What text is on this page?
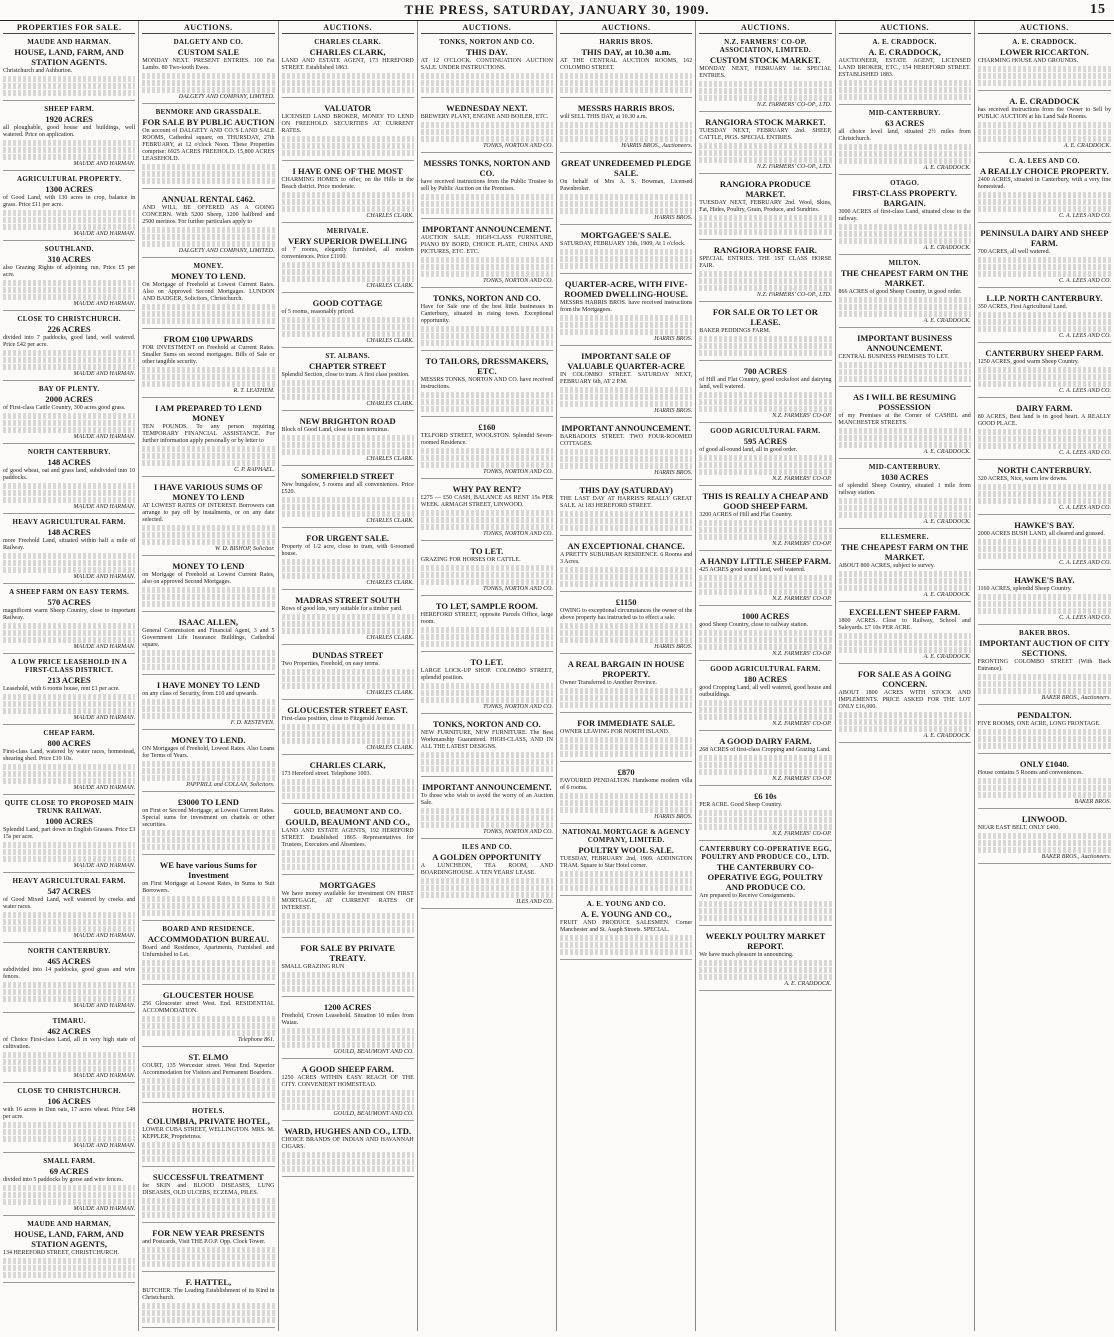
THE PRESS, SATURDAY, JANUARY 30, 1909.	15
PROPERTIES FOR SALE.
MAUDE AND HARMAN.
HOUSE, LAND, FARM, AND STATION AGENTS.
Christchurch and Ashburton.
SHEEP FARM.
1920 ACRES
all ploughable, good house and buildings, well watered. Price on application.
MAUDE AND HARMAN.
AGRICULTURAL PROPERTY.
1300 ACRES
of Good Land, with 130 acres in crop, balance in grass. Price £11 per acre.
MAUDE AND HARMAN.
SOUTHLAND.
310 ACRES
also Grazing Rights of adjoining run. Price £5 per acre.
MAUDE AND HARMAN.
CLOSE TO CHRISTCHURCH.
226 ACRES
divided into 7 paddocks, good land, well watered. Price £42 per acre.
MAUDE AND HARMAN.
BAY OF PLENTY.
2000 ACRES
of First-class Cattle Country, 300 acres good grass.
MAUDE AND HARMAN.
NORTH CANTERBURY.
148 ACRES
of good wheat, oat and grass land, subdivided into 10 paddocks.
MAUDE AND HARMAN.
HEAVY AGRICULTURAL FARM.
148 ACRES
more Freehold Land, situated within half a mile of Railway.
MAUDE AND HARMAN.
A SHEEP FARM ON EASY TERMS.
570 ACRES
magnificent warm Sheep Country, close to important Railway.
MAUDE AND HARMAN.
A LOW PRICE LEASEHOLD IN A FIRST-CLASS DISTRICT.
213 ACRES
Leasehold, with 6 rooms house, rent £1 per acre.
MAUDE AND HARMAN.
CHEAP FARM.
800 ACRES
First-class Land, watered by water races, homestead, shearing shed. Price £10 10s.
MAUDE AND HARMAN.
QUITE CLOSE TO PROPOSED MAIN TRUNK RAILWAY.
1000 ACRES
Splendid Land, part down in English Grasses. Price £3 15s per acre.
MAUDE AND HARMAN.
HEAVY AGRICULTURAL FARM.
547 ACRES
of Good Mixed Land, well watered by creeks and water races.
MAUDE AND HARMAN.
NORTH CANTERBURY.
465 ACRES
subdivided into 14 paddocks, good grass and wire fences.
MAUDE AND HARMAN.
TIMARU.
462 ACRES
of Choice First-class Land, all in very high state of cultivation.
MAUDE AND HARMAN.
CLOSE TO CHRISTCHURCH.
106 ACRES
with 16 acres in Dun oats, 17 acres wheat. Price £48 per acre.
MAUDE AND HARMAN.
SMALL FARM.
69 ACRES
divided into 5 paddocks by gorse and wire fences.
MAUDE AND HARMAN.
MAUDE AND HARMAN,
HOUSE, LAND, FARM, AND STATION AGENTS,
134 HEREFORD STREET, CHRISTCHURCH.
AUCTIONS.
DALGETY AND CO.
CUSTOM SALE
MONDAY NEXT. PRESENT ENTRIES. 100 Fat Lambs. 80 Two-tooth Ewes.
DALGETY AND COMPANY, LIMITED.
BENMORE AND GRASSDALE.
FOR SALE BY PUBLIC AUCTION
On account of DALGETY AND CO.'S LAND SALE ROOMS, Cathedral square, on THURSDAY, 27th FEBRUARY, at 12 o'clock Noon. These Properties comprise: 6925 ACRES FREEHOLD. 15,800 ACRES LEASEHOLD.
ANNUAL RENTAL £462.
AND WILL BE OFFERED AS A GOING CONCERN. With 5200 Sheep, 1200 halfbred and 2500 merinos. For further particulars apply to
DALGETY AND COMPANY, LIMITED.
MONEY.
MONEY TO LEND.
On Mortgage of Freehold at Lowest Current Rates. Also on Approved Second Mortgages. LUNDON AND BADGER, Solicitors, Christchurch.
FROM £100 UPWARDS
FOR INVESTMENT on Freehold at Current Rates. Smaller Sums on second mortgages. Bills of Sale or other tangible security.
R. T. LEATHEM.
I AM PREPARED TO LEND MONEY
TEN POUNDS. To any person requiring TEMPORARY FINANCIAL ASSISTANCE. For further information apply personally or by letter to
C. P. RAPHAEL.
I HAVE VARIOUS SUMS OF MONEY TO LEND
AT LOWEST RATES OF INTEREST. Borrowers can arrange to pay off by instalments, or on any date selected.
W. D. BISHOP, Solicitor.
MONEY TO LEND
on Mortgage of Freehold at Lowest Current Rates, also on approved Second Mortgages.
ISAAC ALLEN,
General Commission and Financial Agent, 3 and 5 Government Life Insurance Buildings, Cathedral square.
I HAVE MONEY TO LEND
on any class of Security, from £10 and upwards.
F. D. KESTEVEN.
MONEY TO LEND.
ON Mortgages of Freehold, Lowest Rates. Also Loans for Terms of Years.
PAPPRILL and COLLAN, Solicitors.
£3000 TO LEND
on First or Second Mortgage, at Lowest Current Rates. Special sums for investment on chattels or other securities.
WE have various Sums for Investment
on First Mortgage at Lowest Rates, in Sums to Suit Borrowers.
BOARD AND RESIDENCE.
ACCOMMODATION BUREAU.
Board and Residence, Apartments, Furnished and Unfurnished to Let.
GLOUCESTER HOUSE
256 Gloucester street West. End. RESIDENTIAL ACCOMMODATION.
Telephone 861.
ST. ELMO
COURT, 135 Worcester street. West End. Superior Accommodation for Visitors and Permanent Boarders.
HOTELS.
COLUMBIA, PRIVATE HOTEL,
LOWER CUBA STREET, WELLINGTON. MRS. M. KEPPLER, Proprietress.
SUCCESSFUL TREATMENT
for SKIN and BLOOD DISEASES, LUNG DISEASES, OLD ULCERS, ECZEMA, PILES.
FOR NEW YEAR PRESENTS
and Postcards, Visit THE P.O.P. Opp. Clock Tower.
F. HATTEL,
BUTCHER. The Leading Establishment of its Kind in Christchurch.
AUCTIONS.
CHARLES CLARK.
CHARLES CLARK,
LAND AND ESTATE AGENT, 173 HEREFORD STREET. Established 1863.
VALUATOR
LICENSED LAND BROKER, MONEY TO LEND ON FREEHOLD. SECURITIES AT CURRENT RATES.
I HAVE ONE OF THE MOST
CHARMING HOMES to offer, on the Hills in the Beach district. Price moderate.
CHARLES CLARK.
MERIVALE.
VERY SUPERIOR DWELLING
of 7 rooms, elegantly furnished, all modern conveniences. Price £1100.
CHARLES CLARK.
GOOD COTTAGE
of 5 rooms, reasonably priced.
CHARLES CLARK.
ST. ALBANS.
CHAPTER STREET
Splendid Section, close to tram. A first class position.
CHARLES CLARK.
NEW BRIGHTON ROAD
Block of Good Land, close to tram terminus.
CHARLES CLARK.
SOMERFIELD STREET
New bungalow, 5 rooms and all conveniences. Price £520.
CHARLES CLARK.
FOR URGENT SALE.
Property of 1/2 acre, close to tram, with 6-roomed house.
CHARLES CLARK.
MADRAS STREET SOUTH
Rows of good lots, very suitable for a timber yard.
CHARLES CLARK.
DUNDAS STREET
Two Properties, Freehold, on easy terms.
CHARLES CLARK.
GLOUCESTER STREET EAST.
First-class position, close to Fitzgerald Avenue.
CHARLES CLARK.
CHARLES CLARK,
173 Hereford street. Telephone 1003.
GOULD, BEAUMONT AND CO.
GOULD, BEAUMONT AND CO.,
LAND AND ESTATE AGENTS, 192 HEREFORD STREET. Established 1865. Representatives for Trustees, Executors and Absentees.
MORTGAGES
We have money available for investment ON FIRST MORTGAGE, AT CURRENT RATES OF INTEREST.
FOR SALE BY PRIVATE TREATY.
SMALL GRAZING RUN
1200 ACRES
Freehold, Crown Leasehold. Situation 10 miles from Waiau.
GOULD, BEAUMONT AND CO.
A GOOD SHEEP FARM.
1250 ACRES WITHIN EASY REACH OF THE CITY. CONVENIENT HOMESTEAD.
GOULD, BEAUMONT AND CO.
WARD, HUGHES AND CO., LTD.
CHOICE BRANDS OF INDIAN AND HAVANNAH CIGARS.
AUCTIONS.
TONKS, NORTON AND CO.
THIS DAY.
AT 12 O'CLOCK. CONTINUATION AUCTION SALE. UNDER INSTRUCTIONS.
WEDNESDAY NEXT.
BREWERY PLANT, ENGINE AND BOILER, ETC.
TONKS, NORTON AND CO.
MESSRS TONKS, NORTON AND CO.
have received instructions from the Public Trustee to sell by Public Auction on the Premises.
IMPORTANT ANNOUNCEMENT.
AUCTION SALE. HIGH-CLASS FURNITURE, PIANO BY BORD, CHOICE PLATE, CHINA AND PICTURES, ETC. ETC.
TONKS, NORTON AND CO.
TONKS, NORTON AND CO.
Have for Sale one of the best little businesses in Canterbury, situated in rising town. Exceptional opportunity.
TO TAILORS, DRESSMAKERS, ETC.
MESSRS TONKS, NORTON AND CO. have received instructions.
£160
TELFORD STREET, WOOLSTON. Splendid Seven-roomed Residence.
TONKS, NORTON AND CO.
WHY PAY RENT?
£275 — £50 CASH, BALANCE AS RENT 15s PER WEEK. ARMAGH STREET, LINWOOD.
TONKS, NORTON AND CO.
TO LET.
GRAZING FOR HORSES OR CATTLE.
TONKS, NORTON AND CO.
TO LET, SAMPLE ROOM.
HEREFORD STREET, opposite Parcels Office, large room.
TO LET.
LARGE LOCK-UP SHOP. COLOMBO STREET, splendid position.
TONKS, NORTON AND CO.
TONKS, NORTON AND CO.
NEW FURNITURE, NEW FURNITURE. The Best Workmanship Guaranteed. HIGH-CLASS, AND IN ALL THE LATEST DESIGNS.
IMPORTANT ANNOUNCEMENT.
To those who wish to avoid the worry of an Auction Sale.
TONKS, NORTON AND CO.
ILES AND CO.
A GOLDEN OPPORTUNITY
A LUNCHEON, TEA ROOM, AND BOARDINGHOUSE. A TEN YEARS' LEASE.
ILES AND CO.
AUCTIONS.
HARRIS BROS.
THIS DAY, at 10.30 a.m.
AT THE CENTRAL AUCTION ROOMS, 162 COLOMBO STREET.
MESSRS HARRIS BROS.
will SELL THIS DAY, at 10.30 a.m.
HARRIS BROS., Auctioneers.
GREAT UNREDEEMED PLEDGE SALE.
On behalf of Mrs A. S. Bowman, Licensed Pawnbroker.
HARRIS BROS.
MORTGAGEE'S SALE.
SATURDAY, FEBRUARY 13th, 1909, At 1 o'clock.
QUARTER-ACRE, WITH FIVE-ROOMED DWELLING-HOUSE.
MESSRS HARRIS BROS. have received instructions from the Mortgagees.
HARRIS BROS.
IMPORTANT SALE OF VALUABLE QUARTER-ACRE
IN COLOMBO STREET. SATURDAY NEXT, FEBRUARY 6th, AT 2 P.M.
HARRIS BROS.
IMPORTANT ANNOUNCEMENT.
BARBADOES STREET. TWO FOUR-ROOMED COTTAGES.
HARRIS BROS.
THIS DAY (SATURDAY)
THE LAST DAY AT HARRIS'S REALLY GREAT SALE. At 183 HEREFORD STREET.
AN EXCEPTIONAL CHANCE.
A PRETTY SUBURBAN RESIDENCE. 6 Rooms and 3 Acres.
£1150
OWING to exceptional circumstances the owner of the above property has instructed us to effect a sale.
HARRIS BROS.
A REAL BARGAIN IN HOUSE PROPERTY.
Owner Transferred to Another Province.
FOR IMMEDIATE SALE.
OWNER LEAVING FOR NORTH ISLAND.
£870
FAVOURED PENDALTON. Handsome modern villa of 6 rooms.
HARRIS BROS.
NATIONAL MORTGAGE & AGENCY COMPANY, LIMITED.
POULTRY WOOL SALE.
TUESDAY, FEBRUARY 2nd, 1909. ADDINGTON TRAM. Square to Star Hotel corner.
A. E. YOUNG AND CO.
A. E. YOUNG AND CO.,
FRUIT AND PRODUCE SALESMEN. Corner Manchester and St. Asaph Streets. SPECIAL.
AUCTIONS.
N.Z. FARMERS' CO-OP. ASSOCIATION, LIMITED.
CUSTOM STOCK MARKET.
MONDAY NEXT, FEBRUARY 1st. SPECIAL ENTRIES.
N.Z. FARMERS' CO-OP., LTD.
RANGIORA STOCK MARKET.
TUESDAY NEXT, FEBRUARY 2nd. SHEEP, CATTLE, PIGS. SPECIAL ENTRIES.
N.Z. FARMERS' CO-OP., LTD.
RANGIORA PRODUCE MARKET.
TUESDAY NEXT, FEBRUARY 2nd. Wool, Skins, Fat, Hides, Poultry, Grain, Produce, and Sundries.
RANGIORA HORSE FAIR.
SPECIAL ENTRIES. THE 1ST CLASS HORSE FAIR.
N.Z. FARMERS' CO-OP., LTD.
FOR SALE OR TO LET OR LEASE.
BAKER PEDDINGS FARM.
700 ACRES
of Hill and Flat Country, good cocksfoot and dairying land, well watered.
N.Z. FARMERS' CO-OP.
GOOD AGRICULTURAL FARM.
595 ACRES
of good all-round land, all in good order.
N.Z. FARMERS' CO-OP.
THIS IS REALLY A CHEAP AND GOOD SHEEP FARM.
3200 ACRES of Hill and Flat Country.
N.Z. FARMERS' CO-OP.
A HANDY LITTLE SHEEP FARM.
425 ACRES good sound land, well watered.
N.Z. FARMERS' CO-OP.
1000 ACRES
good Sheep Country, close to railway station.
N.Z. FARMERS' CO-OP.
GOOD AGRICULTURAL FARM.
180 ACRES
good Cropping Land, all well watered, good house and outbuildings.
N.Z. FARMERS' CO-OP.
A GOOD DAIRY FARM.
268 ACRES of first-class Cropping and Grazing Land.
N.Z. FARMERS' CO-OP.
£6 10s
PER ACRE. Good Sheep Country.
N.Z. FARMERS' CO-OP.
CANTERBURY CO-OPERATIVE EGG, POULTRY AND PRODUCE CO., LTD.
THE CANTERBURY CO-OPERATIVE EGG, POULTRY AND PRODUCE CO.
Are prepared to Receive Consignments.
WEEKLY POULTRY MARKET REPORT.
We have much pleasure in announcing.
A. E. CRADDOCK.
AUCTIONS.
A. E. CRADDOCK.
A. E. CRADDOCK,
AUCTIONEER, ESTATE AGENT, LICENSED LAND BROKER, ETC., 154 HEREFORD STREET. ESTABLISHED 1883.
MID-CANTERBURY.
63 ACRES
all choice level land, situated 2½ miles from Christchurch.
A. E. CRADDOCK.
OTAGO.
FIRST-CLASS PROPERTY. BARGAIN.
3000 ACRES of first-class Land, situated close to the railway.
A. E. CRADDOCK.
MILTON.
THE CHEAPEST FARM ON THE MARKET.
866 ACRES of good Sheep Country, in good order.
A. E. CRADDOCK.
IMPORTANT BUSINESS ANNOUNCEMENT.
CENTRAL BUSINESS PREMISES TO LET.
AS I WILL BE RESUMING POSSESSION
of my Premises at the Corner of CASHEL and MANCHESTER STREETS.
A. E. CRADDOCK.
MID-CANTERBURY.
1030 ACRES
of splendid Sheep Country, situated 1 mile from railway station.
A. E. CRADDOCK.
ELLESMERE.
THE CHEAPEST FARM ON THE MARKET.
ABOUT 800 ACRES, subject to survey.
A. E. CRADDOCK.
EXCELLENT SHEEP FARM.
1800 ACRES. Close to Railway, School and Saleyards. £7 10s PER ACRE.
A. E. CRADDOCK.
FOR SALE AS A GOING CONCERN.
ABOUT 1800 ACRES WITH STOCK AND IMPLEMENTS. PRICE ASKED FOR THE LOT ONLY £16,000.
A. E. CRADDOCK.
AUCTIONS.
A. E. CRADDOCK.
LOWER RICCARTON.
CHARMING HOUSE AND GROUNDS.
A. E. CRADDOCK
has received instructions from the Owner to Sell by PUBLIC AUCTION at his Land Sale Rooms.
A. E. CRADDOCK.
C. A. LEES AND CO.
A REALLY CHOICE PROPERTY.
2400 ACRES, situated in Canterbury, with a very fine homestead.
C. A. LEES AND CO.
PENINSULA DAIRY AND SHEEP FARM.
700 ACRES, all well watered.
C. A. LEES AND CO.
L.I.P. NORTH CANTERBURY.
350 ACRES, First Agricultural Land.
C. A. LEES AND CO.
CANTERBURY SHEEP FARM.
1250 ACRES, good warm Sheep Country.
C. A. LEES AND CO.
DAIRY FARM.
80 ACRES, Best land is in good heart. A REALLY GOOD PLACE.
C. A. LEES AND CO.
NORTH CANTERBURY.
320 ACRES, Nice, warm low downs.
C. A. LEES AND CO.
HAWKE'S BAY.
2000 ACRES BUSH LAND, all cleared and grassed.
C. A. LEES AND CO.
HAWKE'S BAY.
1160 ACRES, splendid Sheep Country.
C. A. LEES AND CO.
BAKER BROS.
IMPORTANT AUCTION OF CITY SECTIONS.
FRONTING COLOMBO STREET (With Back Entrance).
BAKER BROS., Auctioneers.
PENDALTON.
FIVE ROOMS, ONE ACRE, LONG FRONTAGE.
ONLY £1040.
House contains 5 Rooms and conveniences.
BAKER BROS.
LINWOOD.
NEAR EAST BELT. ONLY £400.
BAKER BROS., Auctioneers.
